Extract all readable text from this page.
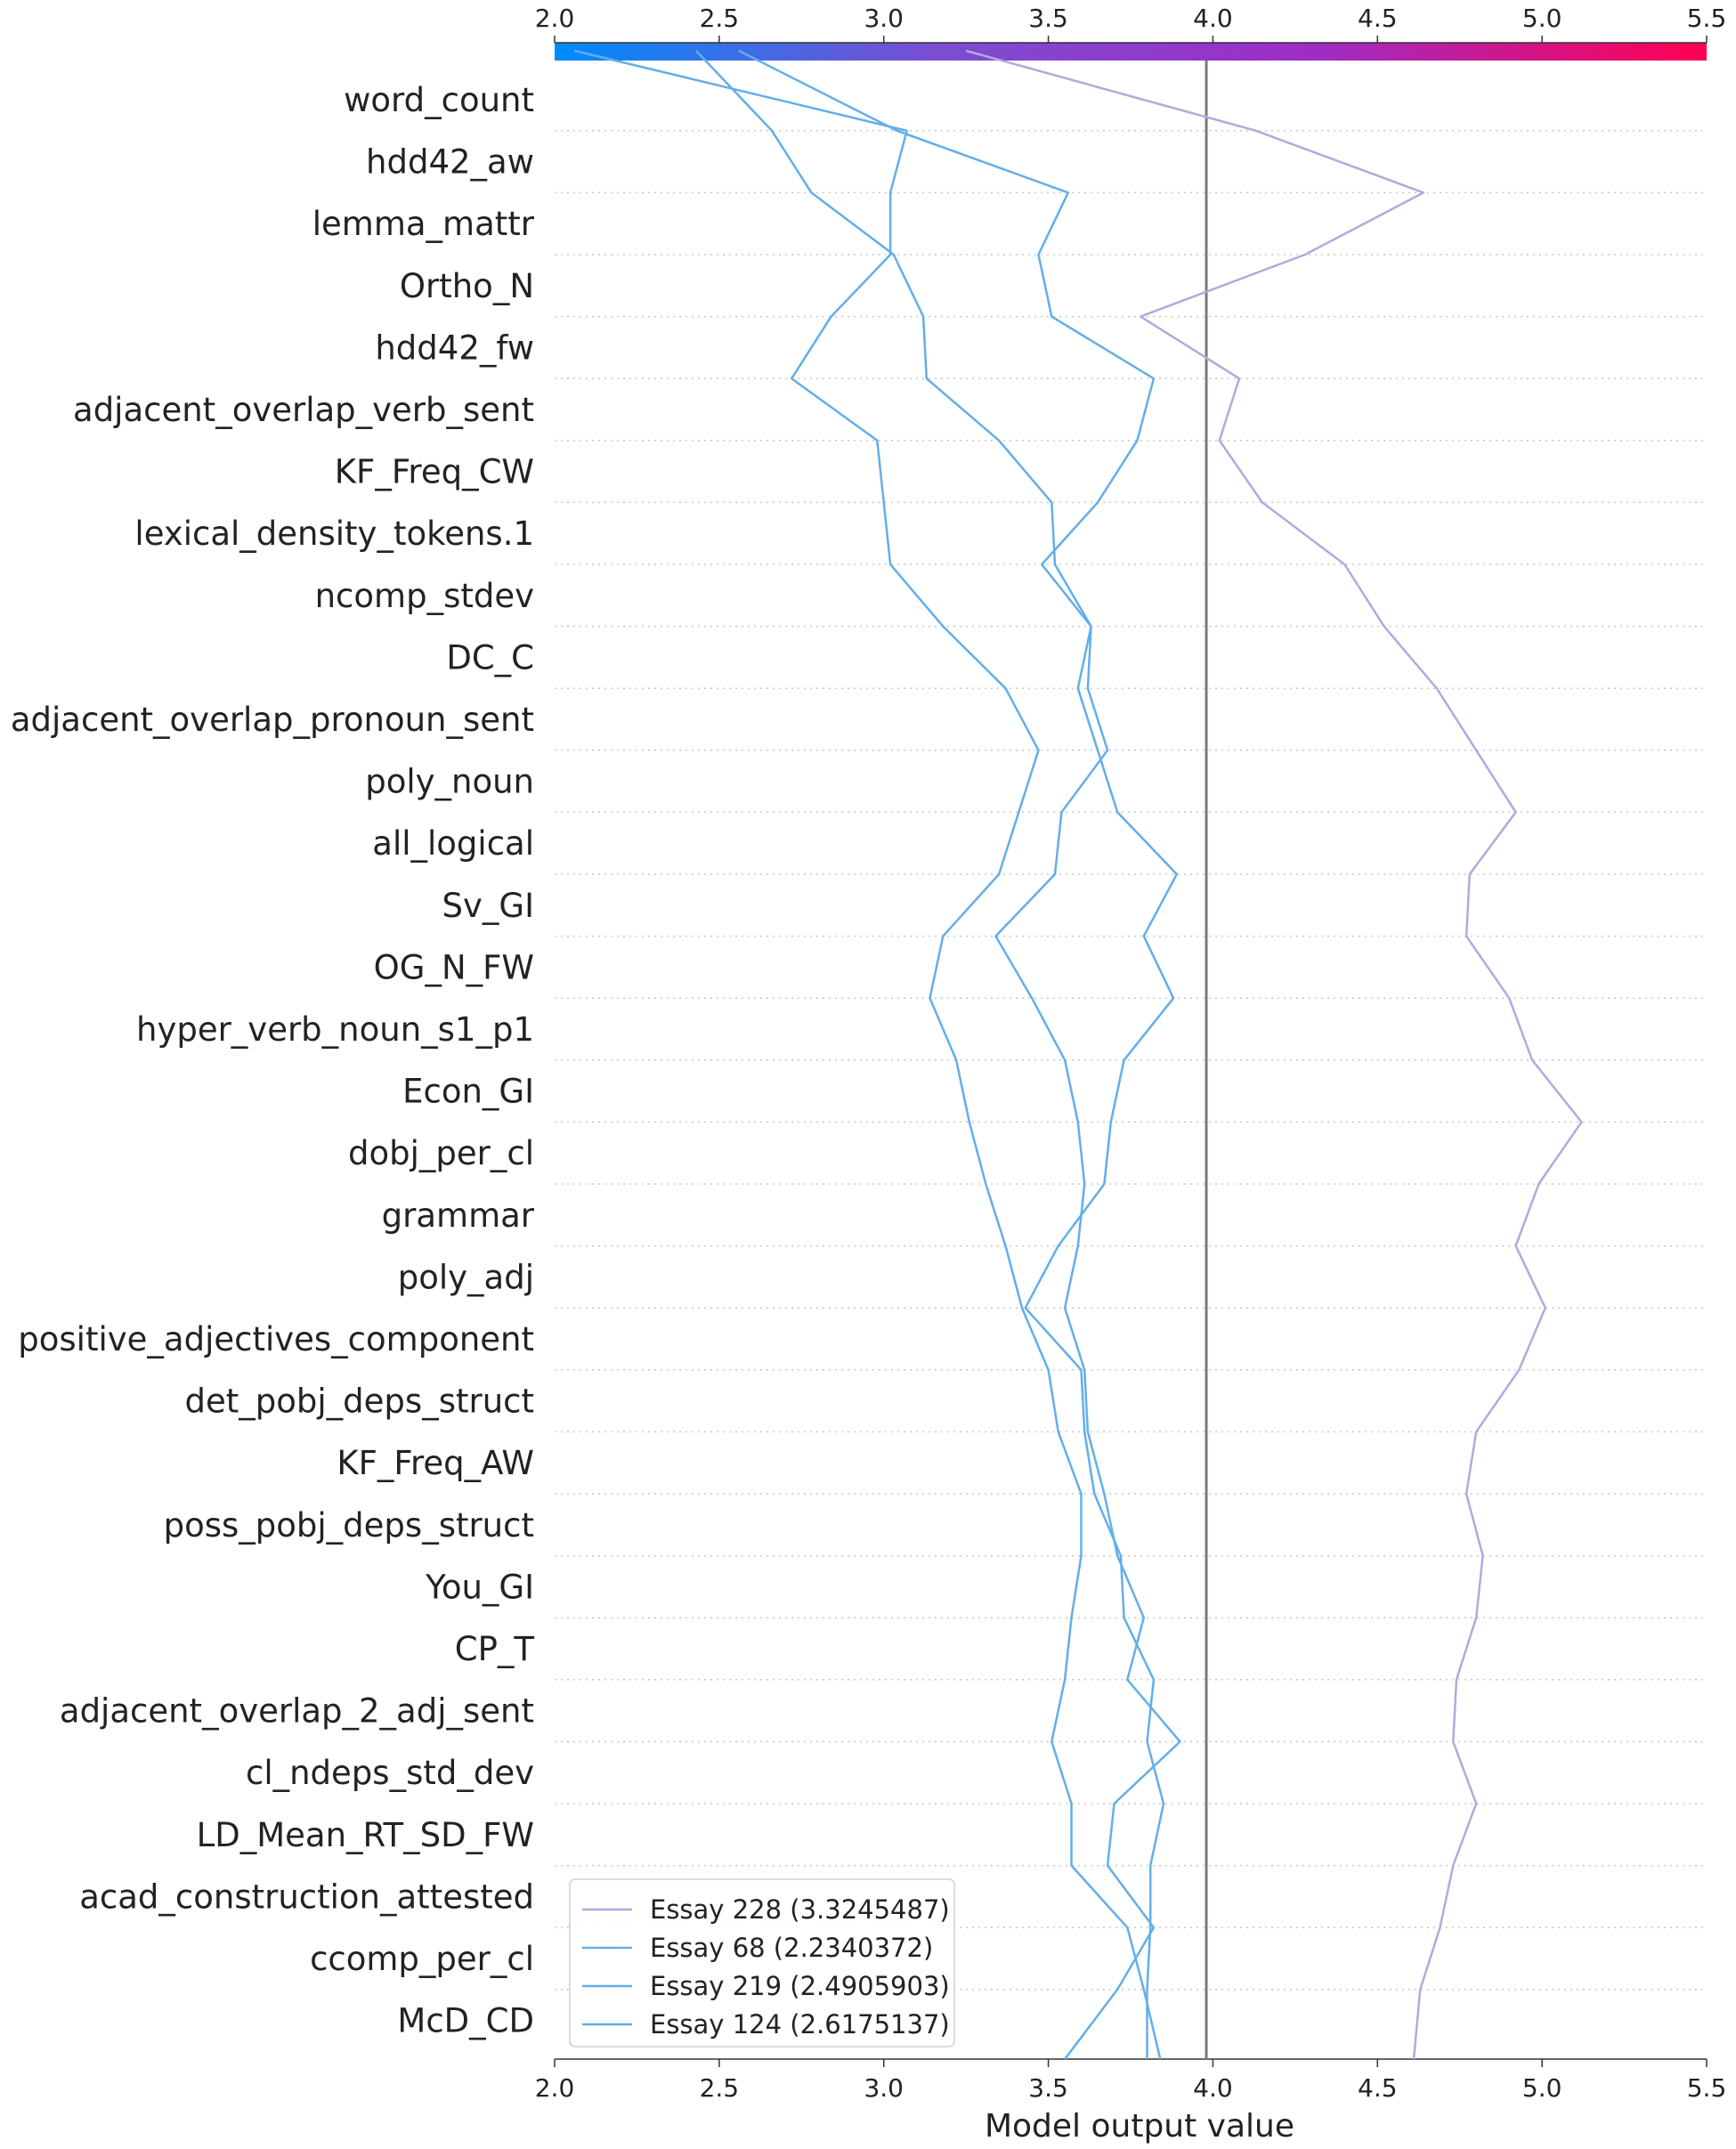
2.0
2.0
2.5
2.5
3.0
3.0
3.5
3.5
4.0
4.0
4.5
4.5
5.0
5.0
5.5
5.5
Model output value
word_count
hdd42_aw
lemma_mattr
Ortho_N
hdd42_fw
adjacent_overlap_verb_sent
KF_Freq_CW
lexical_density_tokens.1
ncomp_stdev
DC_C
adjacent_overlap_pronoun_sent
poly_noun
all_logical
Sv_GI
OG_N_FW
hyper_verb_noun_s1_p1
Econ_GI
dobj_per_cl
grammar
poly_adj
positive_adjectives_component
det_pobj_deps_struct
KF_Freq_AW
poss_pobj_deps_struct
You_GI
CP_T
adjacent_overlap_2_adj_sent
cl_ndeps_std_dev
LD_Mean_RT_SD_FW
acad_construction_attested
ccomp_per_cl
McD_CD
Essay 228 (3.3245487)
Essay 68 (2.2340372)
Essay 219 (2.4905903)
Essay 124 (2.6175137)
